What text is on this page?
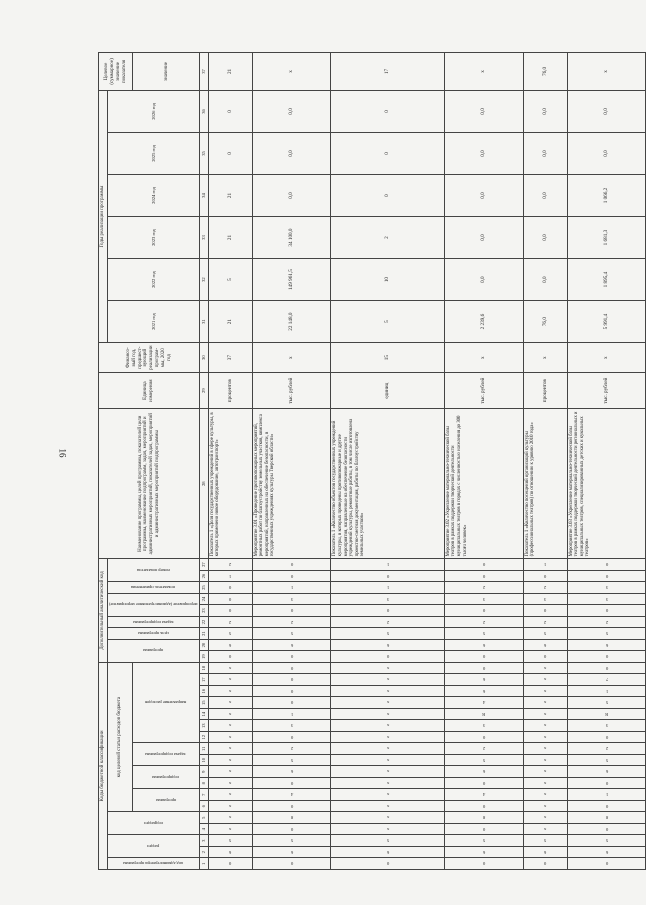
16
Коды бюджетной классификации																		Дополнительный аналитический код									Наименование программы, целей программы, показателей цели программы, наименование подпрограмм, задач, мероприятий и административных мероприятий, показателей задач, мероприятий и административных мероприятий подпрограммы	Единица измерения	Финансо-вый год, предшест-вующий реализации програм-мы, 2020 год	Годы реализации программы						Целевое (суммарное) значение показателя
код администратора программы	раздел		подраздел		код целевой статьи расходов бюджета													программа		цель программы	задача подпрограммы	мероприятие (административное мероприятие)		показатель применения	номер показателя					2021 год	2022 год	2023 год	2024 год	2025 год	2026 год	
					программа		подпрограмма		задача подпрограммы		направление расходов																									значение
1	2	3	4	5	6	7	8	9	10	11	12	13	14	15	16	17	18	19	20	21	22	23	24	25	26	27	28	29	30	31	32	33	34	35	36	37
0	6	5	х	х	х	х	х	х	х	х	х	х	х	х	х	х	х	0	6	5	2	0	0	0	1	2	Показатель 1 «Доля государственных учреждений в сфере культуры, в которых применено новое оборудование, автотранспорт»	процентов	37	21	5	21	21	0	0	21
0	6	5	0	8	0	4	0	6	5	2	0	3	1	0	0	0	0	0	6	5	2	0	3	1	0	0	Мероприятие 3.01 «Проведение противопожарных мероприятий, ремонтных работ по благоустройству земельных участков, комплекса мероприятий, направленных на обеспечение безопасности, в государственных учреждениях культуры Тверской области»	тыс. рублей	х	22 148,0	149 961,5	34 100,0	0,0	0,0	0,0	х
0	6	5	х	х	х	х	х	х	х	х	х	х	х	х	х	х	х	0	6	5	2	0	3	1	0	1	Показатель 1 «Количество объектов государственных учреждений культуры, в которых проведены противопожарные и другие мероприятия, направленные на обеспечение безопасности учреждений культуры, ремонтные работы, в том числе изготовлена проектно-сметная документация, работы по благоустройству земельных участков»	единиц	15	5	10	2	0	0	0	17
0	6	5	0	8	0	4	0	6	5	2	0	3	R	4	6	6	0	0	6	5	2	0	3	2	0	0	Мероприятие 3.02 «Укрепление материально-технической базы театров в рамках поддержки творческой деятельности муниципальных театров в городах с численностью населения до 300 тысяч человек»	тыс. рублей	х	2 239,6	0,0	0,0	0,0	0,0	0,0	х
0	6	5	х	х	х	х	х	х	х	х	х	х	х	х	х	х	х	0	6	5	2	0	3	2	0	1	Показатель 1 «Количество посещений организаций культуры (профессиональных театров) по отношению к уровню 2010 года»	процентов	х	76,0	0,0	0,0	0,0	0,0	0,0	76,0
0	6	5	0	8	0	1	0	6	5	2	0	3	R	5	1	7	0	0	6	5	2	0	3	3	0	0	Мероприятие 3.03 «Укрепление материально-технической базы театров в рамках поддержки творческой деятельности региональных и муниципальных театров, специализированных детских и кукольных театров»	тыс. рублей	х	5 991,4	1 895,4	1 681,3	1 066,2	0,0	0,0	х
